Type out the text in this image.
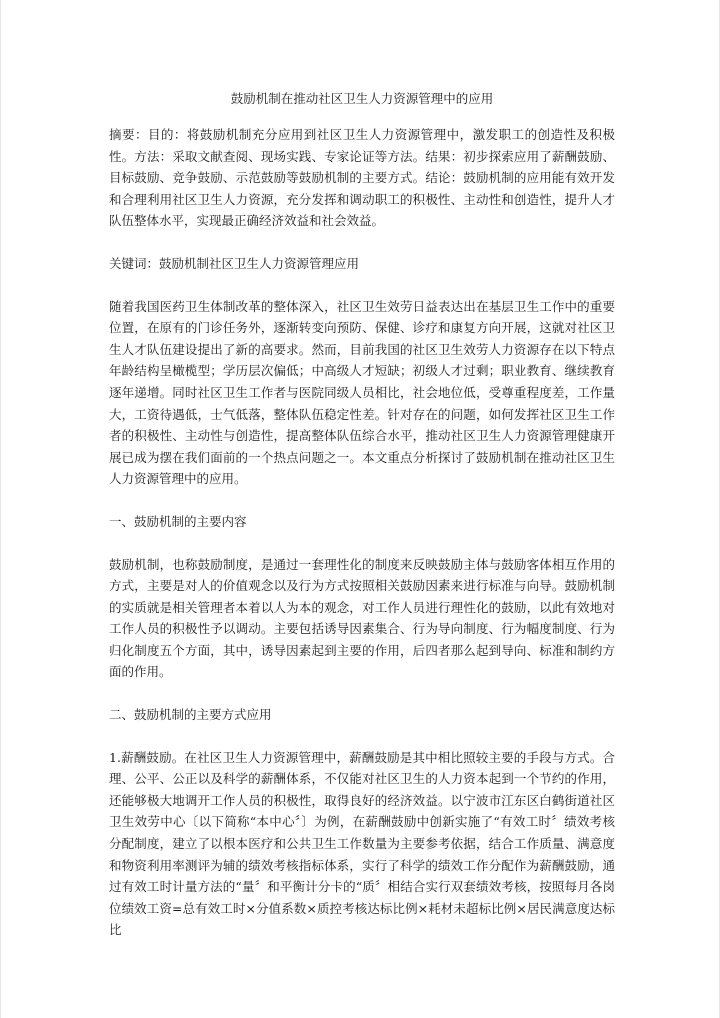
鼓励机制在推动社区卫生人力资源管理中的应用

摘要：目的：将鼓励机制充分应用到社区卫生人力资源管理中，激发职工的创造性及积极性。方法：采取文献查阅、现场实践、专家论证等方法。结果：初步探索应用了薪酬鼓励、目标鼓励、竞争鼓励、示范鼓励等鼓励机制的主要方式。结论：鼓励机制的应用能有效开发和合理利用社区卫生人力资源，充分发挥和调动职工的积极性、主动性和创造性，提升人才队伍整体水平，实现最正确经济效益和社会效益。

关键词：鼓励机制社区卫生人力资源管理应用

随着我国医药卫生体制改革的整体深入，社区卫生效劳日益表达出在基层卫生工作中的重要位置，在原有的门诊任务外，逐渐转变向预防、保健、诊疗和康复方向开展，这就对社区卫生人才队伍建设提出了新的高要求。然而，目前我国的社区卫生效劳人力资源存在以下特点年龄结构呈橄榄型；学历层次偏低；中高级人才短缺；初级人才过剩；职业教育、继续教育逐年递增。同时社区卫生工作者与医院同级人员相比，社会地位低，受尊重程度差，工作量大，工资待遇低，士气低落，整体队伍稳定性差。针对存在的问题，如何发挥社区卫生工作者的积极性、主动性与创造性，提高整体队伍综合水平，推动社区卫生人力资源管理健康开展已成为摆在我们面前的一个热点问题之一。本文重点分析探讨了鼓励机制在推动社区卫生人力资源管理中的应用。

一、鼓励机制的主要内容

鼓励机制，也称鼓励制度，是通过一套理性化的制度来反映鼓励主体与鼓励客体相互作用的方式，主要是对人的价值观念以及行为方式按照相关鼓励因素来进行标准与向导。鼓励机制的实质就是相关管理者本着以人为本的观念，对工作人员进行理性化的鼓励，以此有效地对工作人员的积极性予以调动。主要包括诱导因素集合、行为导向制度、行为幅度制度、行为归化制度五个方面，其中，诱导因素起到主要的作用，后四者那么起到导向、标准和制约方面的作用。

二、鼓励机制的主要方式应用

1.薪酬鼓励。在社区卫生人力资源管理中，薪酬鼓励是其中相比照较主要的手段与方式。合理、公平、公正以及科学的薪酬体系，不仅能对社区卫生的人力资本起到一个节约的作用，还能够极大地调开工作人员的积极性，取得良好的经济效益。以宁波市江东区白鹤街道社区卫生效劳中心〔以下简称“本中心〞〕为例，在薪酬鼓励中创新实施了“有效工时〞绩效考核分配制度，建立了以根本医疗和公共卫生工作数量为主要参考依据，结合工作质量、满意度和物资利用率测评为辅的绩效考核指标体系，实行了科学的绩效工作分配作为薪酬鼓励，通过有效工时计量方法的“量〞和平衡计分卡的“质〞相结合实行双套绩效考核，按照每月各岗位绩效工资=总有效工时×分值系数×质控考核达标比例×耗材未超标比例×居民满意度达标比
